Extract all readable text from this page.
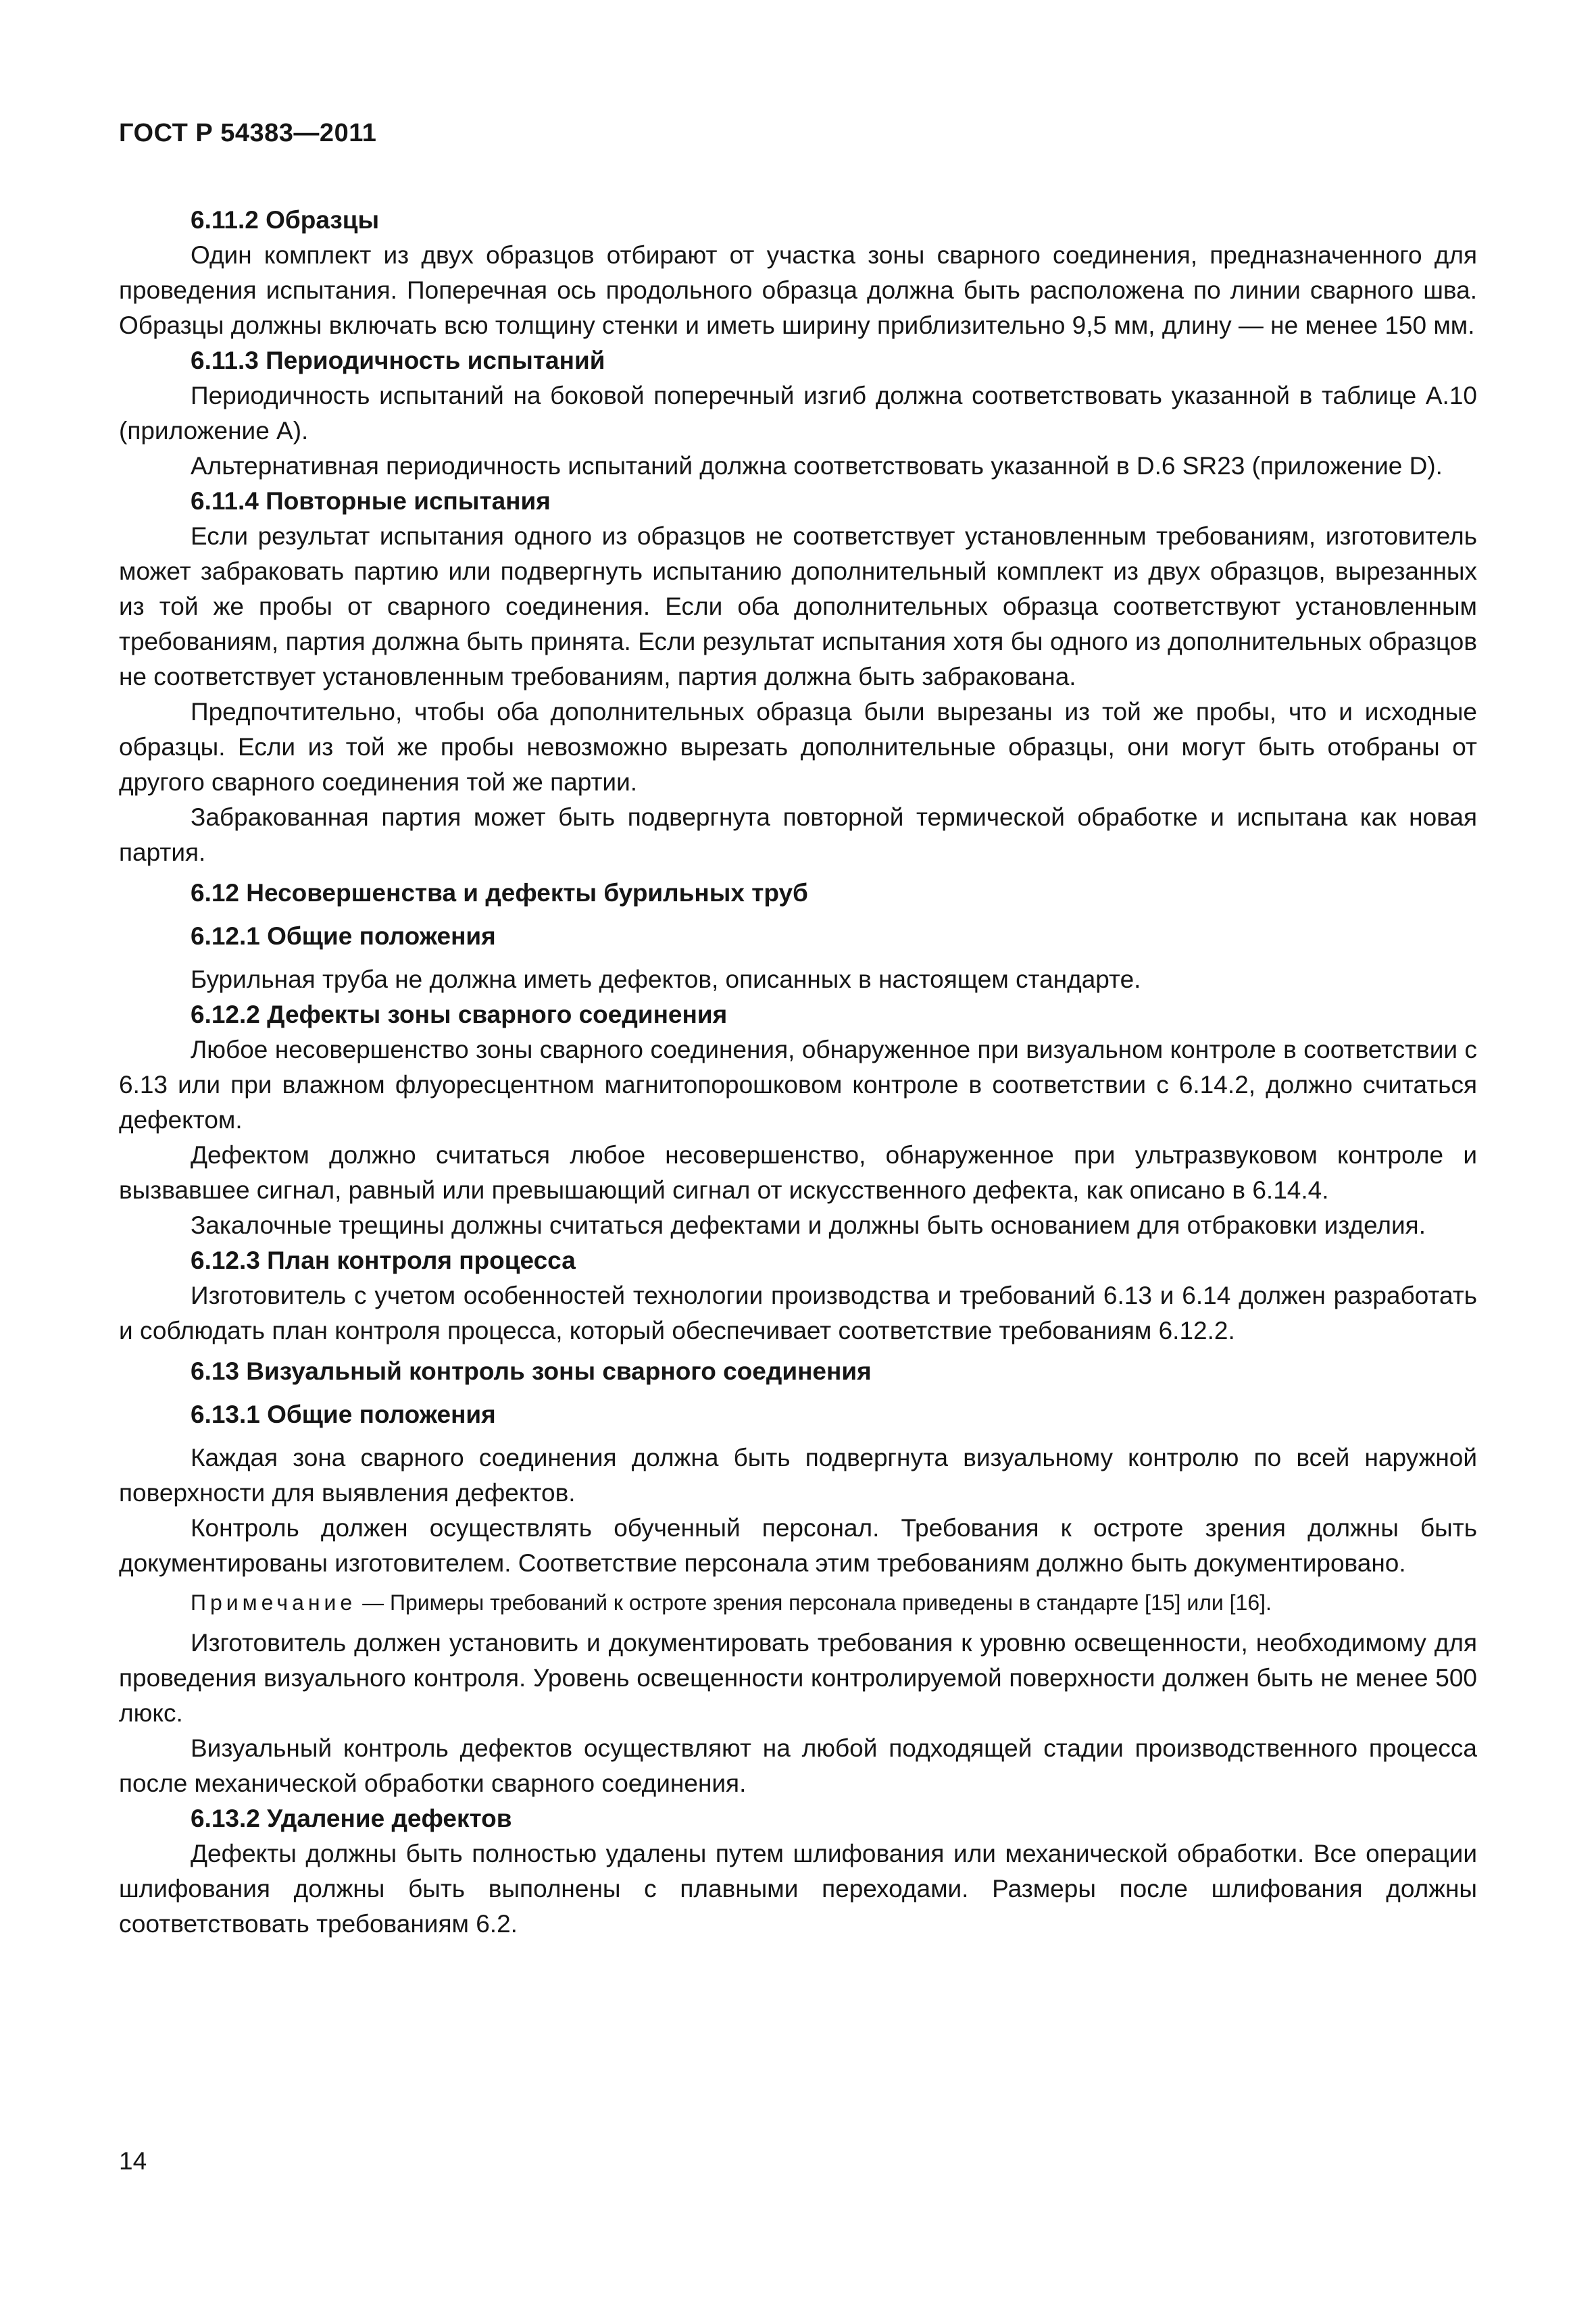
ГОСТ Р 54383—2011

6.11.2 Образцы

Один комплект из двух образцов отбирают от участка зоны сварного соединения, предназначенного для проведения испытания. Поперечная ось продольного образца должна быть расположена по линии сварного шва. Образцы должны включать всю толщину стенки и иметь ширину приблизительно 9,5 мм, длину — не менее 150 мм.

6.11.3 Периодичность испытаний

Периодичность испытаний на боковой поперечный изгиб должна соответствовать указанной в таблице А.10 (приложение А).

Альтернативная периодичность испытаний должна соответствовать указанной в D.6 SR23 (приложение D).

6.11.4 Повторные испытания

Если результат испытания одного из образцов не соответствует установленным требованиям, изготовитель может забраковать партию или подвергнуть испытанию дополнительный комплект из двух образцов, вырезанных из той же пробы от сварного соединения. Если оба дополнительных образца соответствуют установленным требованиям, партия должна быть принята. Если результат испытания хотя бы одного из дополнительных образцов не соответствует установленным требованиям, партия должна быть забракована.

Предпочтительно, чтобы оба дополнительных образца были вырезаны из той же пробы, что и исходные образцы. Если из той же пробы невозможно вырезать дополнительные образцы, они могут быть отобраны от другого сварного соединения той же партии.

Забракованная партия может быть подвергнута повторной термической обработке и испытана как новая партия.

6.12 Несовершенства и дефекты бурильных труб

6.12.1 Общие положения

Бурильная труба не должна иметь дефектов, описанных в настоящем стандарте.

6.12.2 Дефекты зоны сварного соединения

Любое несовершенство зоны сварного соединения, обнаруженное при визуальном контроле в соответствии с 6.13 или при влажном флуоресцентном магнитопорошковом контроле в соответствии с 6.14.2, должно считаться дефектом.

Дефектом должно считаться любое несовершенство, обнаруженное при ультразвуковом контроле и вызвавшее сигнал, равный или превышающий сигнал от искусственного дефекта, как описано в 6.14.4.

Закалочные трещины должны считаться дефектами и должны быть основанием для отбраковки изделия.

6.12.3 План контроля процесса

Изготовитель с учетом особенностей технологии производства и требований 6.13 и 6.14 должен разработать и соблюдать план контроля процесса, который обеспечивает соответствие требованиям 6.12.2.

6.13 Визуальный контроль зоны сварного соединения

6.13.1 Общие положения

Каждая зона сварного соединения должна быть подвергнута визуальному контролю по всей наружной поверхности для выявления дефектов.

Контроль должен осуществлять обученный персонал. Требования к остроте зрения должны быть документированы изготовителем. Соответствие персонала этим требованиям должно быть документировано.

Примечание — Примеры требований к остроте зрения персонала приведены в стандарте [15] или [16].

Изготовитель должен установить и документировать требования к уровню освещенности, необходимому для проведения визуального контроля. Уровень освещенности контролируемой поверхности должен быть не менее 500 люкс.

Визуальный контроль дефектов осуществляют на любой подходящей стадии производственного процесса после механической обработки сварного соединения.

6.13.2 Удаление дефектов

Дефекты должны быть полностью удалены путем шлифования или механической обработки. Все операции шлифования должны быть выполнены с плавными переходами. Размеры после шлифования должны соответствовать требованиям 6.2.

14
